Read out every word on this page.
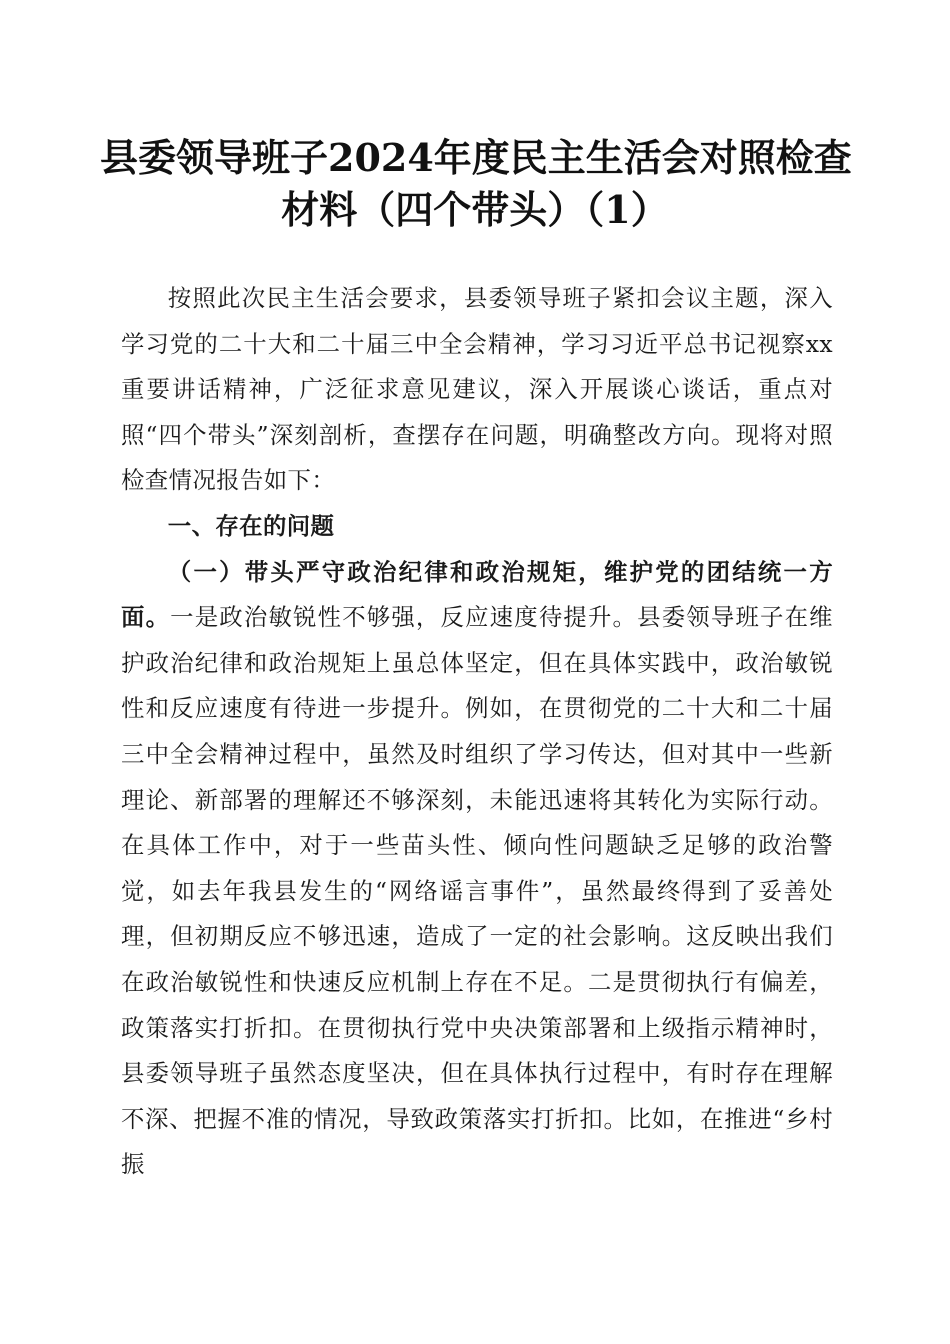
县委领导班子2024年度民主生活会对照检查
材料（四个带头）（1）

按照此次民主生活会要求，县委领导班子紧扣会议主题，深入学习党的二十大和二十届三中全会精神，学习习近平总书记视察xx重要讲话精神，广泛征求意见建议，深入开展谈心谈话，重点对照“四个带头”深刻剖析，查摆存在问题，明确整改方向。现将对照检查情况报告如下：

一、存在的问题

（一）带头严守政治纪律和政治规矩，维护党的团结统一方面。一是政治敏锐性不够强，反应速度待提升。县委领导班子在维护政治纪律和政治规矩上虽总体坚定，但在具体实践中，政治敏锐性和反应速度有待进一步提升。例如，在贯彻党的二十大和二十届三中全会精神过程中，虽然及时组织了学习传达，但对其中一些新理论、新部署的理解还不够深刻，未能迅速将其转化为实际行动。在具体工作中，对于一些苗头性、倾向性问题缺乏足够的政治警觉，如去年我县发生的“网络谣言事件”，虽然最终得到了妥善处理，但初期反应不够迅速，造成了一定的社会影响。这反映出我们在政治敏锐性和快速反应机制上存在不足。二是贯彻执行有偏差，政策落实打折扣。在贯彻执行党中央决策部署和上级指示精神时，县委领导班子虽然态度坚决，但在具体执行过程中，有时存在理解不深、把握不准的情况，导致政策落实打折扣。比如，在推进“乡村振
